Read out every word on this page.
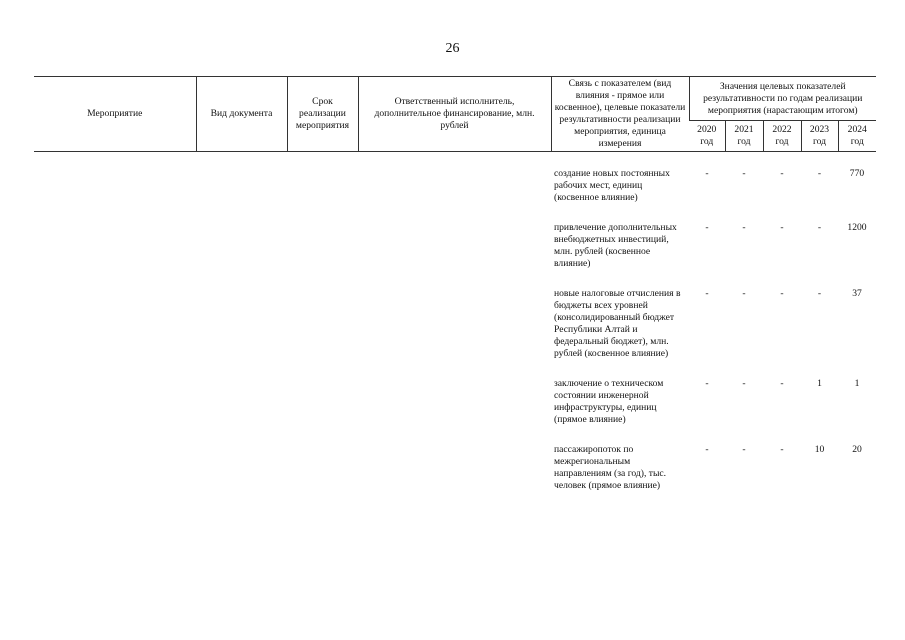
26
Мероприятие	Вид документа	Срок реализации мероприятия	Ответственный исполнитель, дополнительное финансирование, млн. рублей	Связь с показателем (вид влияния - прямое или косвенное), целевые показатели результативности реализации мероприятия, единица измерения	Значения целевых показателей результативности по годам реализации мероприятия (нарастающим итогом)				
					2020 год	2021 год	2022 год	2023 год	2024 год
				создание новых постоянных рабочих мест, единиц (косвенное влияние)	-	-	-	-	770
				привлечение дополнительных внебюджетных инвестиций, млн. рублей (косвенное влияние)	-	-	-	-	1200
				новые налоговые отчисления в бюджеты всех уровней (консолидированный бюджет Республики Алтай и федеральный бюджет), млн. рублей (косвенное влияние)	-	-	-	-	37
				заключение о техническом состоянии инженерной инфраструктуры, единиц (прямое влияние)	-	-	-	1	1
				пассажиропоток по межрегиональным направлениям (за год), тыс. человек (прямое влияние)	-	-	-	10	20
